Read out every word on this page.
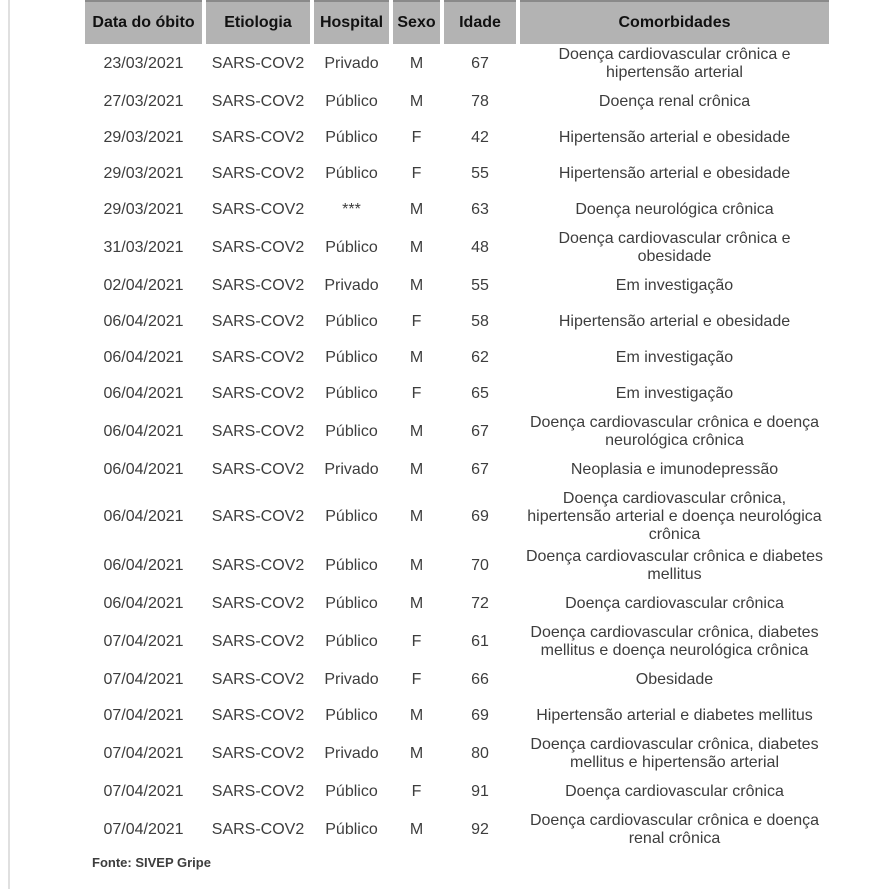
Data do óbito	Etiologia	Hospital	Sexo	Idade	Comorbidades
23/03/2021	SARS-COV2	Privado	M	67	Doença cardiovascular crônica e hipertensão arterial
27/03/2021	SARS-COV2	Público	M	78	Doença renal crônica
29/03/2021	SARS-COV2	Público	F	42	Hipertensão arterial e obesidade
29/03/2021	SARS-COV2	Público	F	55	Hipertensão arterial e obesidade
29/03/2021	SARS-COV2	***	M	63	Doença neurológica crônica
31/03/2021	SARS-COV2	Público	M	48	Doença cardiovascular crônica e obesidade
02/04/2021	SARS-COV2	Privado	M	55	Em investigação
06/04/2021	SARS-COV2	Público	F	58	Hipertensão arterial e obesidade
06/04/2021	SARS-COV2	Público	M	62	Em investigação
06/04/2021	SARS-COV2	Público	F	65	Em investigação
06/04/2021	SARS-COV2	Público	M	67	Doença cardiovascular crônica e doença neurológica crônica
06/04/2021	SARS-COV2	Privado	M	67	Neoplasia e imunodepressão
06/04/2021	SARS-COV2	Público	M	69	Doença cardiovascular crônica, hipertensão arterial e doença neurológica crônica
06/04/2021	SARS-COV2	Público	M	70	Doença cardiovascular crônica e diabetes mellitus
06/04/2021	SARS-COV2	Público	M	72	Doença cardiovascular crônica
07/04/2021	SARS-COV2	Público	F	61	Doença cardiovascular crônica, diabetes mellitus e doença neurológica crônica
07/04/2021	SARS-COV2	Privado	F	66	Obesidade
07/04/2021	SARS-COV2	Público	M	69	Hipertensão arterial e diabetes mellitus
07/04/2021	SARS-COV2	Privado	M	80	Doença cardiovascular crônica, diabetes mellitus e hipertensão arterial
07/04/2021	SARS-COV2	Público	F	91	Doença cardiovascular crônica
07/04/2021	SARS-COV2	Público	M	92	Doença cardiovascular crônica e doença renal crônica
Fonte: SIVEP Gripe
